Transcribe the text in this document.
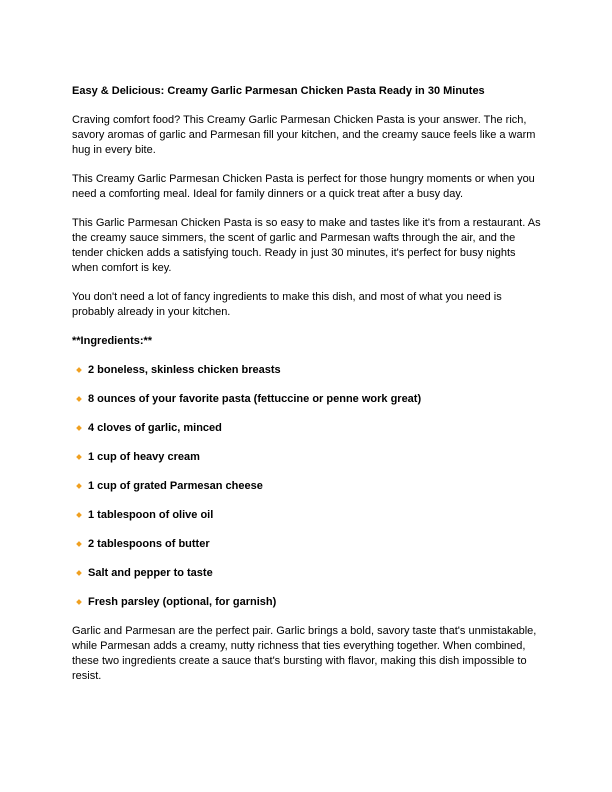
Easy & Delicious: Creamy Garlic Parmesan Chicken Pasta Ready in 30 Minutes

Craving comfort food? This Creamy Garlic Parmesan Chicken Pasta is your answer. The rich, savory aromas of garlic and Parmesan fill your kitchen, and the creamy sauce feels like a warm hug in every bite.

This Creamy Garlic Parmesan Chicken Pasta is perfect for those hungry moments or when you need a comforting meal. Ideal for family dinners or a quick treat after a busy day.

This Garlic Parmesan Chicken Pasta is so easy to make and tastes like it's from a restaurant. As the creamy sauce simmers, the scent of garlic and Parmesan wafts through the air, and the tender chicken adds a satisfying touch. Ready in just 30 minutes, it's perfect for busy nights when comfort is key.

You don't need a lot of fancy ingredients to make this dish, and most of what you need is probably already in your kitchen.

**Ingredients:**
2 boneless, skinless chicken breasts
8 ounces of your favorite pasta (fettuccine or penne work great)
4 cloves of garlic, minced
1 cup of heavy cream
1 cup of grated Parmesan cheese
1 tablespoon of olive oil
2 tablespoons of butter
Salt and pepper to taste
Fresh parsley (optional, for garnish)

Garlic and Parmesan are the perfect pair. Garlic brings a bold, savory taste that's unmistakable, while Parmesan adds a creamy, nutty richness that ties everything together. When combined, these two ingredients create a sauce that's bursting with flavor, making this dish impossible to resist.
